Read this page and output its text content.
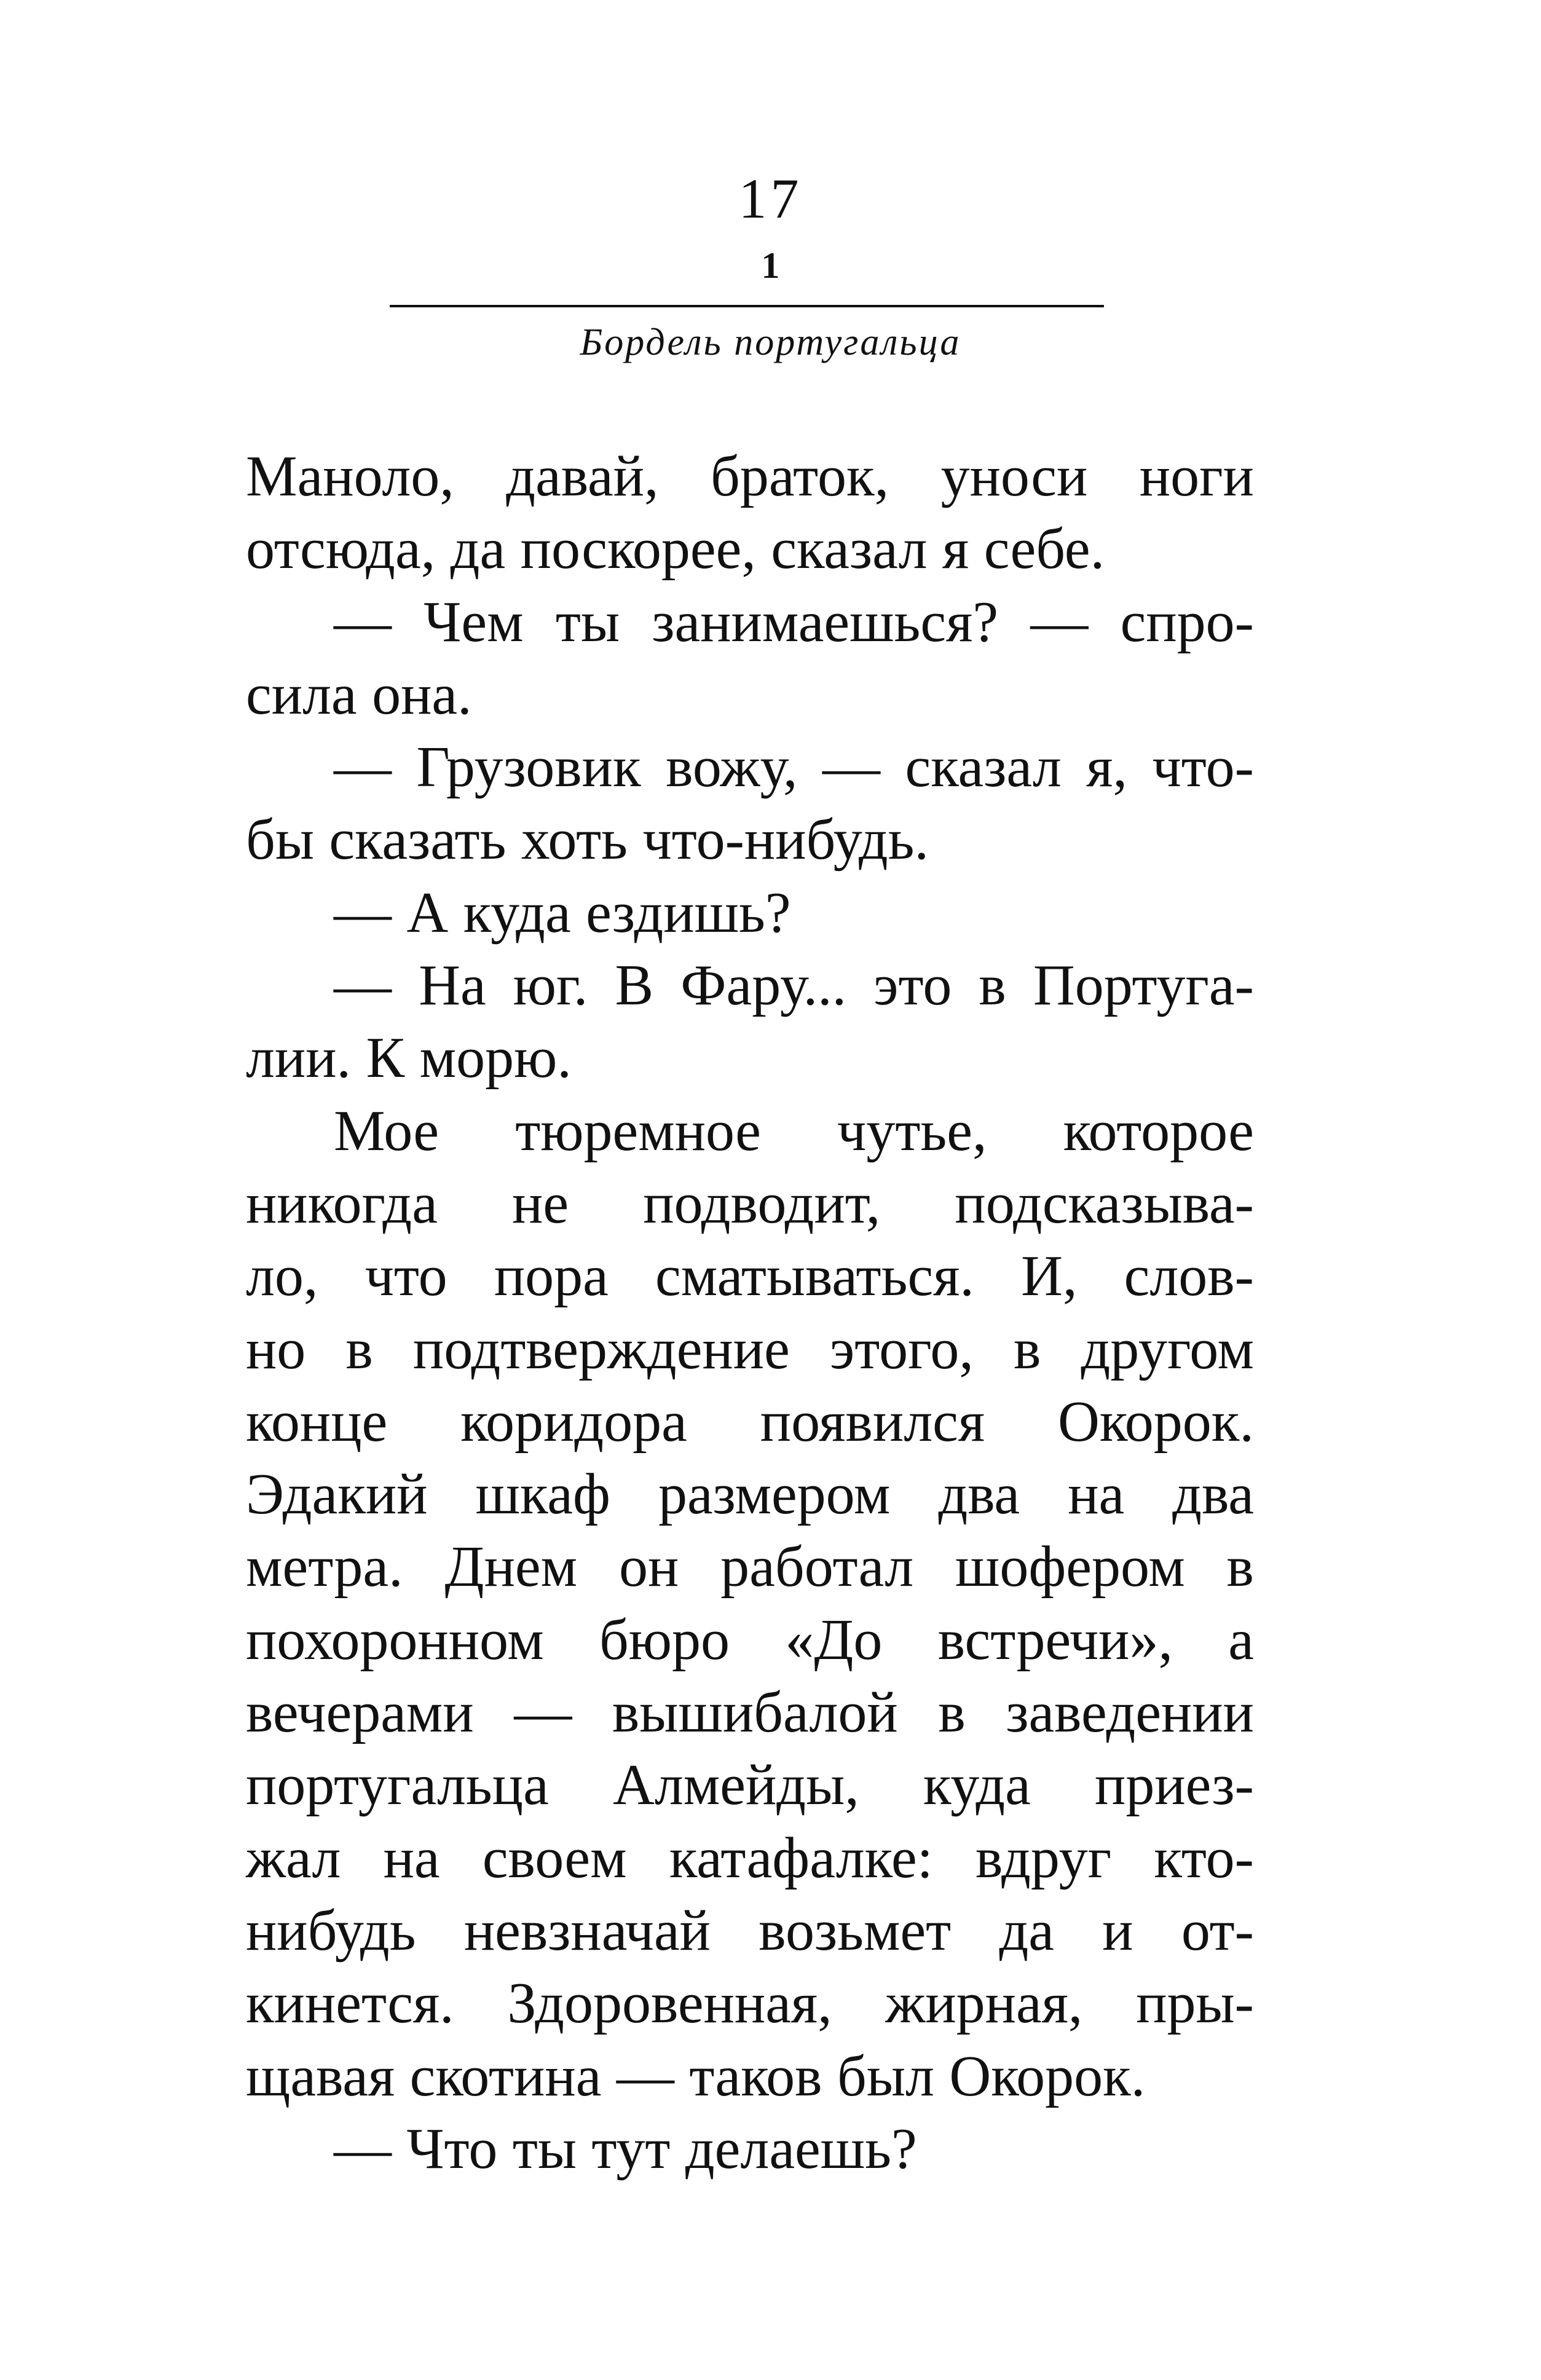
17
1
Бордель португальца
Маноло, давай, браток, уноси ноги
отсюда, да поскорее, сказал я себе.
— Чем ты занимаешься? — спро-
сила она.
— Грузовик вожу, — сказал я, что-
бы сказать хоть что-нибудь.
— А куда ездишь?
— На юг. В Фару... это в Португа-
лии. К морю.
Мое тюремное чутье, которое
никогда не подводит, подсказыва-
ло, что пора сматываться. И, слов-
но в подтверждение этого, в другом
конце коридора появился Окорок.
Эдакий шкаф размером два на два
метра. Днем он работал шофером в
похоронном бюро «До встречи», а
вечерами — вышибалой в заведении
португальца Алмейды, куда приез-
жал на своем катафалке: вдруг кто-
нибудь невзначай возьмет да и от-
кинется. Здоровенная, жирная, пры-
щавая скотина — таков был Окорок.
— Что ты тут делаешь?
